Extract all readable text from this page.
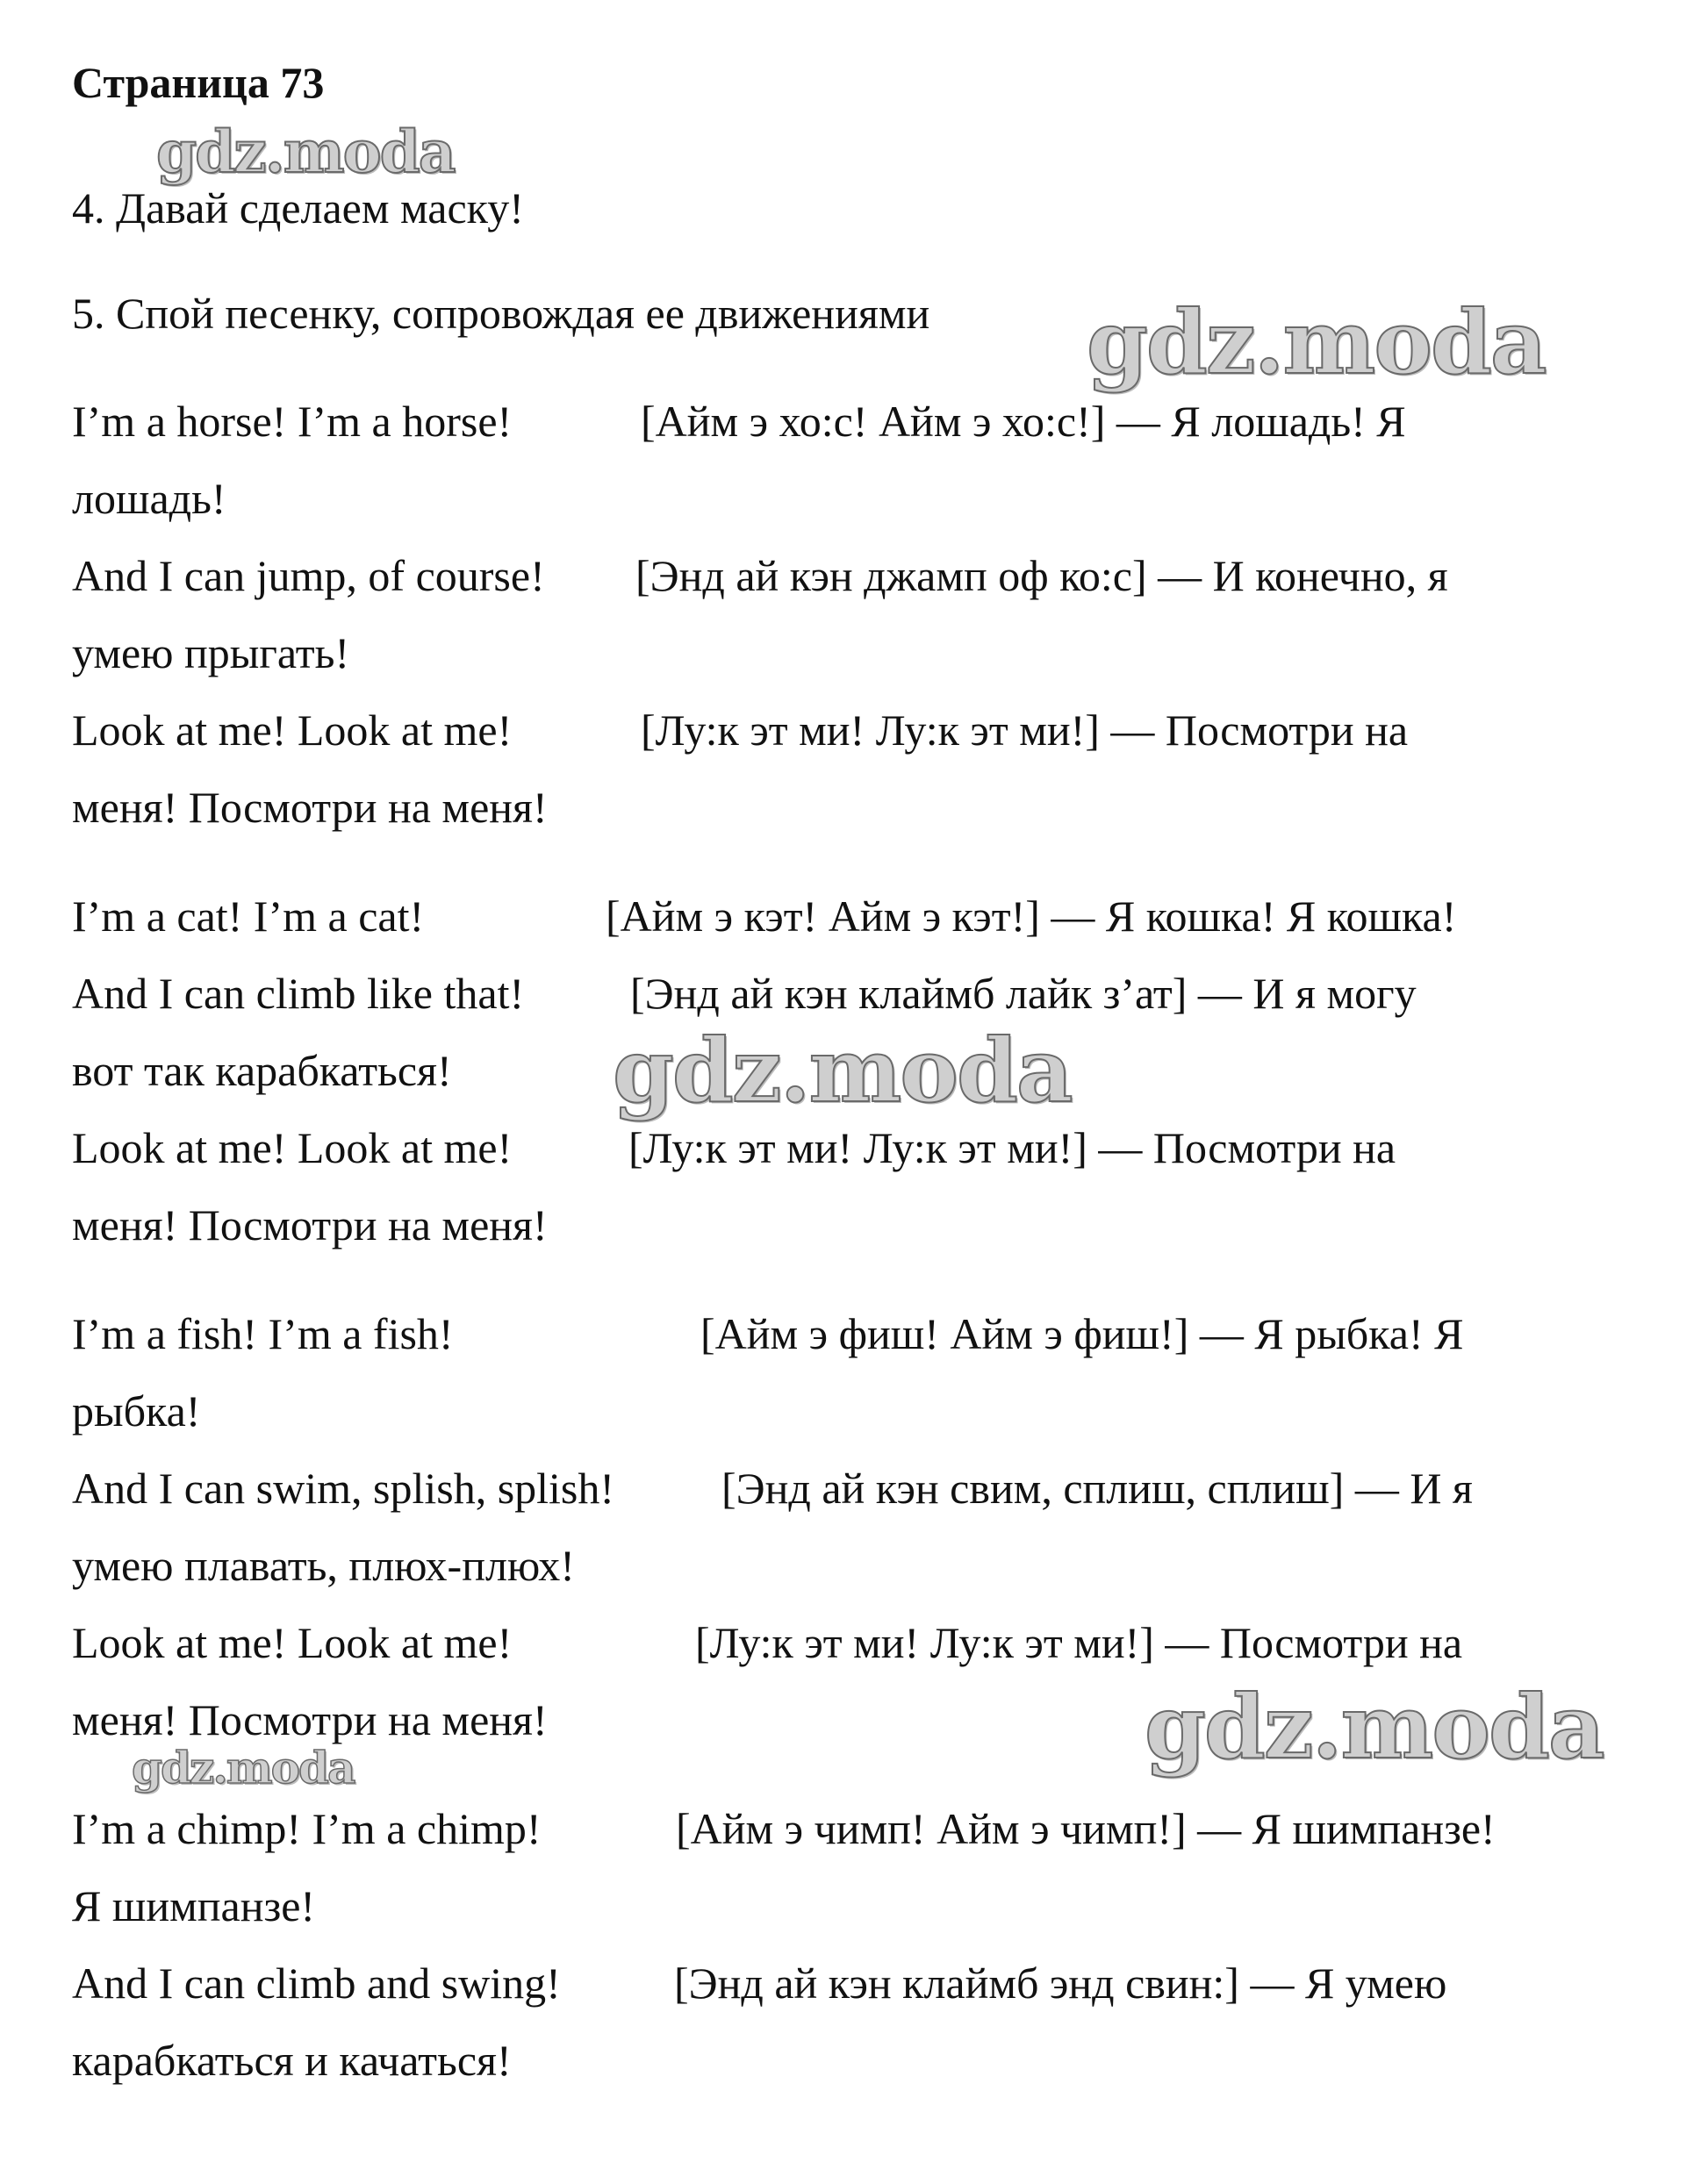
Страница 73
gdz.moda
4. Давай сделаем маску!
5. Спой песенку, сопровождая ее движениями gdz.moda
I’m a horse! I’m a horse!	[Айм э хо:с! Айм э хо:с!] — Я лошадь! Я
лошадь!
And I can jump, of course! [Энд ай кэн джамп оф ко:с] — И конечно, я
умею прыгать!
Look at me! Look at me!	[Лу:к эт ми! Лу:к эт ми!] — Посмотри на
меня! Посмотри на меня!
I’m a cat! I’m a cat!	[Айм э кэт! Айм э кэт!] — Я кошка! Я кошка!
And I can climb like that! [Энд ай кэн клаймб лайк з’ат] — И я могу
вот так карабкаться! gdz.moda
Look at me! Look at me!	[Лу:к эт ми! Лу:к эт ми!] — Посмотри на
меня! Посмотри на меня!
I’m a fish! I’m a fish!	[Айм э фиш! Айм э фиш!] — Я рыбка! Я
рыбка!
And I can swim, splish, splish! [Энд ай кэн свим, сплиш, сплиш] — И я
умею плавать, плюх-плюх!
Look at me! Look at me!	[Лу:к эт ми! Лу:к эт ми!] — Посмотри на
меня! Посмотри на меня!	gdz.moda
gdz.moda
I’m a chimp! I’m a chimp!	[Айм э чимп! Айм э чимп!] — Я шимпанзе!
Я шимпанзе!
And I can climb and swing!	[Энд ай кэн клаймб энд свин:] — Я умею
карабкаться и качаться!
